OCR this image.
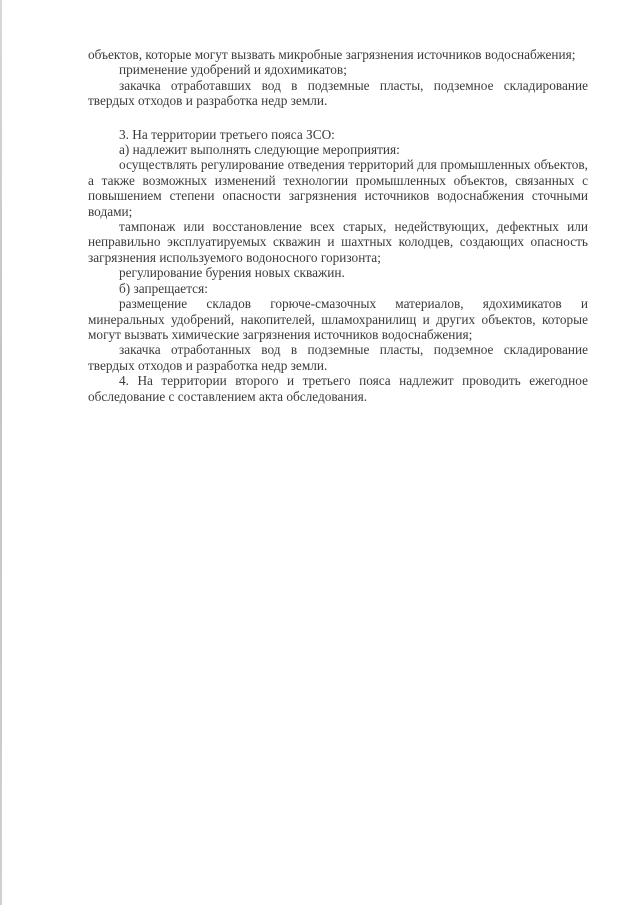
объектов, которые могут вызвать микробные загрязнения источников водоснабжения;

применение удобрений и ядохимикатов;

закачка отработавших вод в подземные пласты, подземное складирование твердых отходов и разработка недр земли.

3. На территории третьего пояса ЗСО:

а) надлежит выполнять следующие мероприятия:

осуществлять регулирование отведения территорий для промышленных объектов, а также возможных изменений технологии промышленных объектов, связанных с повышением степени опасности загрязнения источников водоснабжения сточными водами;

тампонаж или восстановление всех старых, недействующих, дефектных или неправильно эксплуатируемых скважин и шахтных колодцев, создающих опасность загрязнения используемого водоносного горизонта;

регулирование бурения новых скважин.

б) запрещается:

размещение складов горюче-смазочных материалов, ядохимикатов и минеральных удобрений, накопителей, шламохранилищ и других объектов, которые могут вызвать химические загрязнения источников водоснабжения;

закачка отработанных вод в подземные пласты, подземное складирование твердых отходов и разработка недр земли.

4. На территории второго и третьего пояса надлежит проводить ежегодное обследование с составлением акта обследования.
